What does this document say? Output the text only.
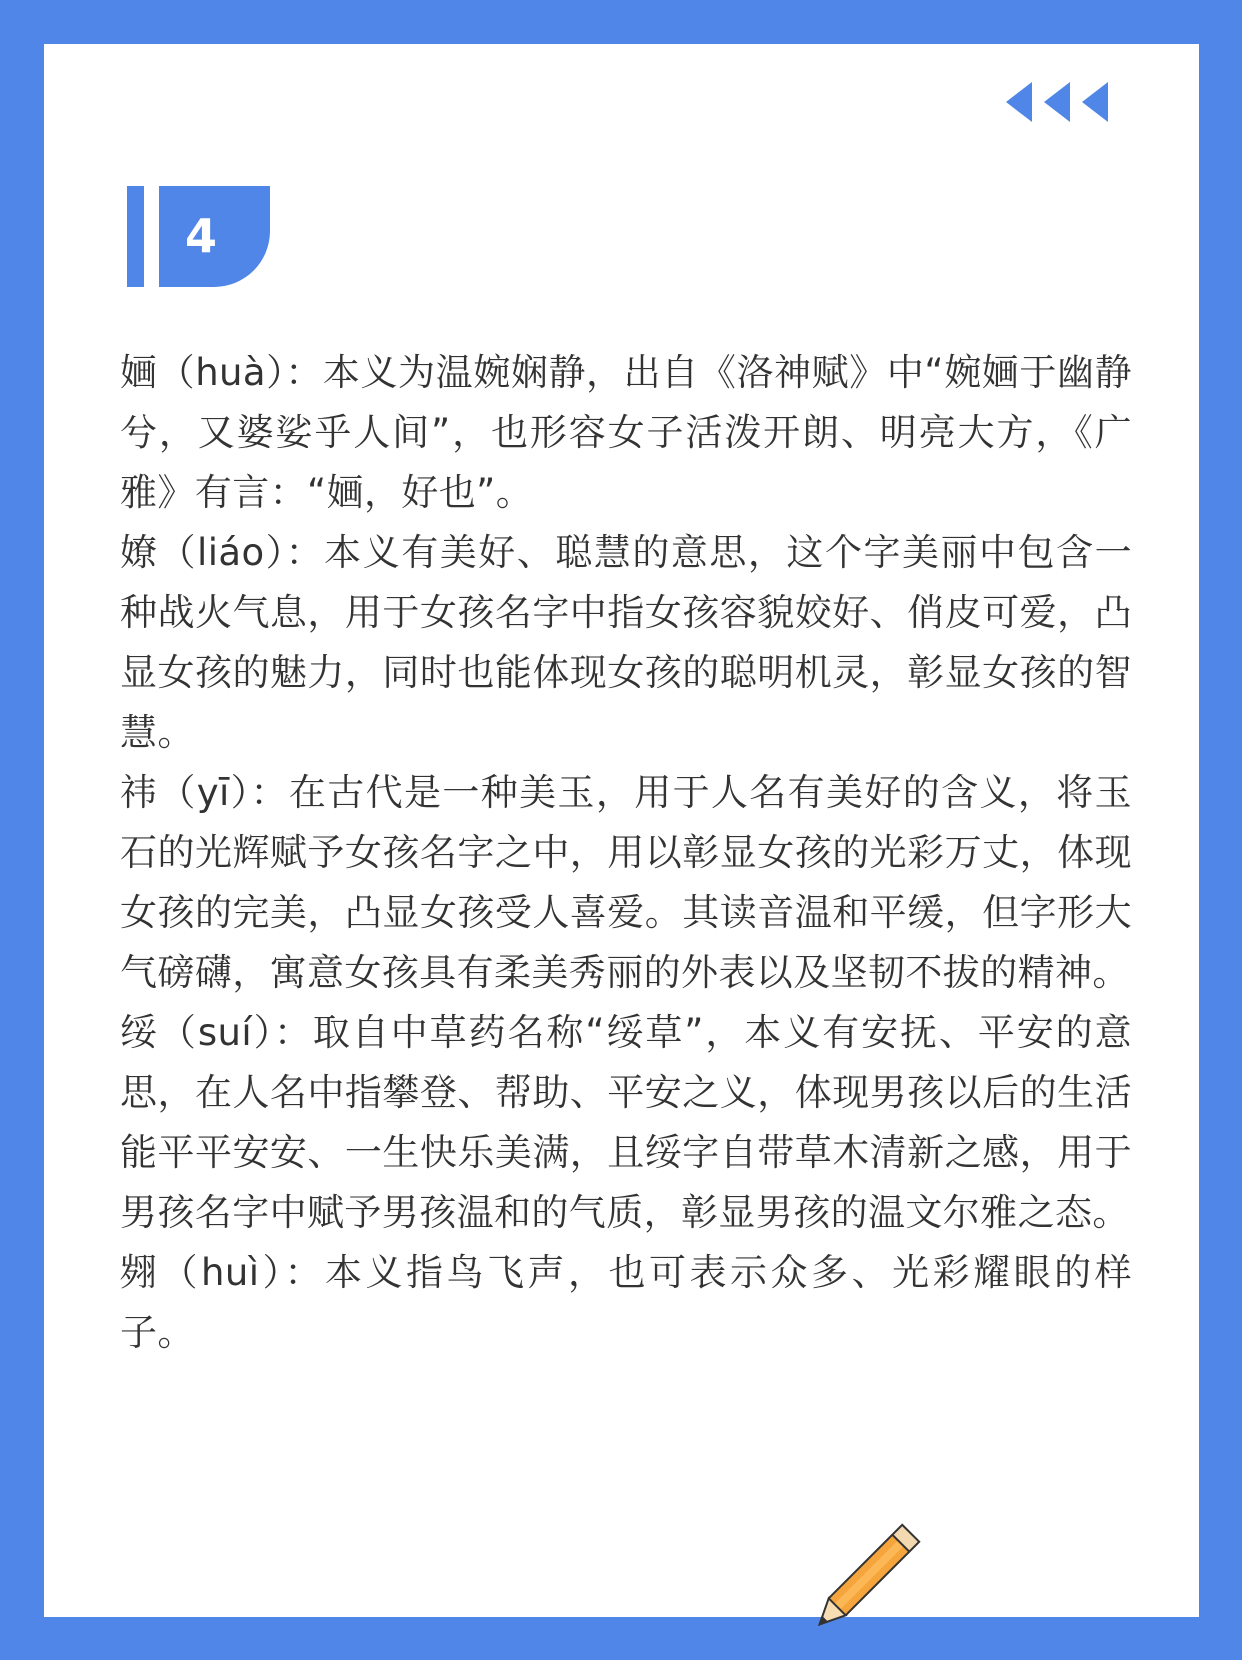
4

婳（huà）：本义为温婉娴静，出自《洛神赋》中“婉婳于幽静兮，又婆娑乎人间”，也形容女子活泼开朗、明亮大方，《广雅》有言：“婳，好也”。

嫽（liáo）：本义有美好、聪慧的意思，这个字美丽中包含一种战火气息，用于女孩名字中指女孩容貌姣好、俏皮可爱，凸显女孩的魅力，同时也能体现女孩的聪明机灵，彰显女孩的智慧。

祎（yī）：在古代是一种美玉，用于人名有美好的含义，将玉石的光辉赋予女孩名字之中，用以彰显女孩的光彩万丈，体现女孩的完美，凸显女孩受人喜爱。其读音温和平缓，但字形大气磅礴，寓意女孩具有柔美秀丽的外表以及坚韧不拔的精神。

绥（suí）：取自中草药名称“绥草”，本义有安抚、平安的意思，在人名中指攀登、帮助、平安之义，体现男孩以后的生活能平平安安、一生快乐美满，且绥字自带草木清新之感，用于男孩名字中赋予男孩温和的气质，彰显男孩的温文尔雅之态。

翙（huì）：本义指鸟飞声，也可表示众多、光彩耀眼的样子。
